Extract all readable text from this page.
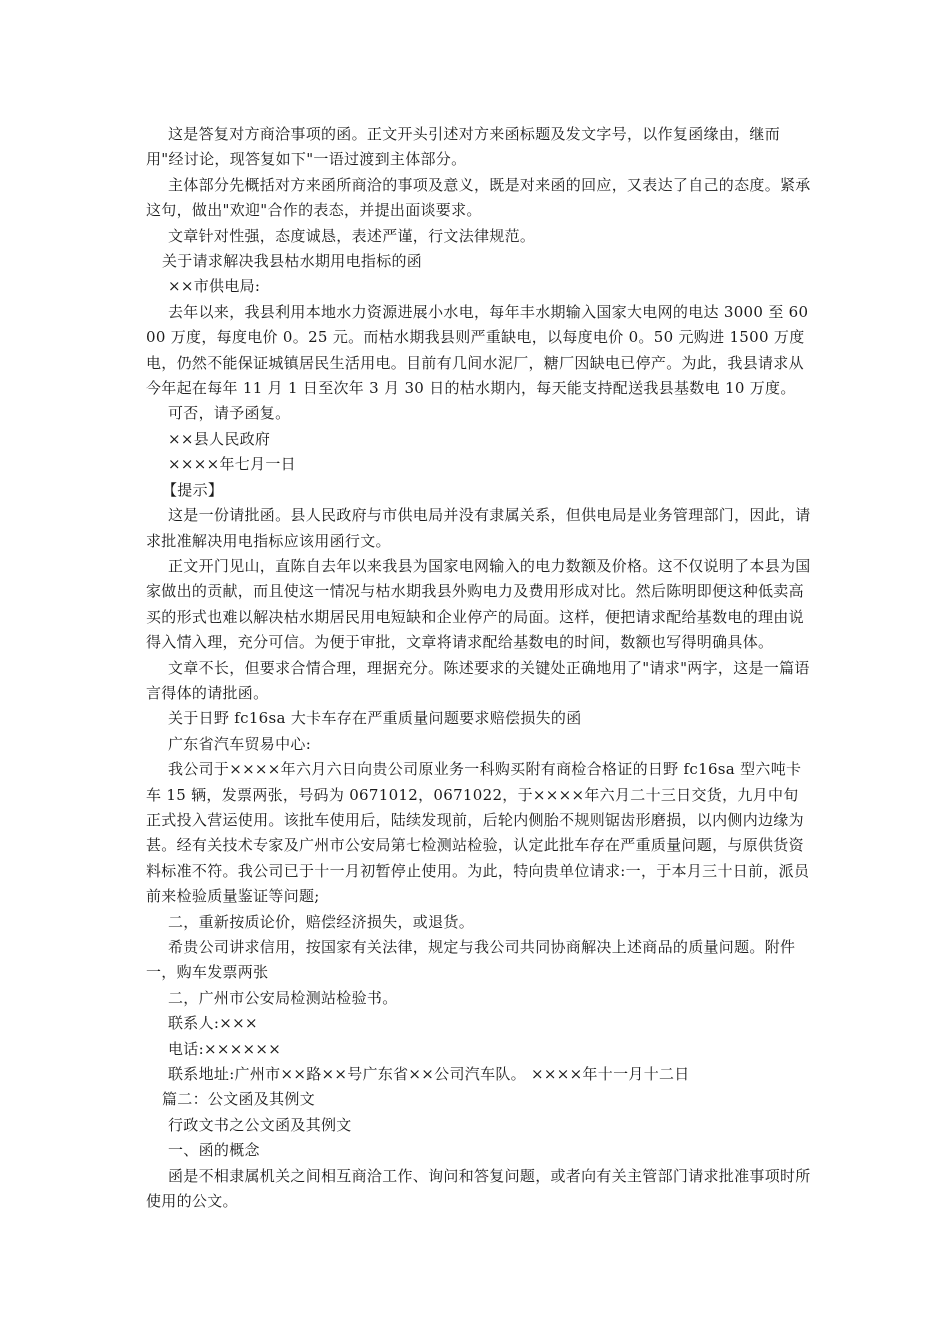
这是答复对方商洽事项的函。正文开头引述对方来函标题及发文字号，以作复函缘由，继而用"经讨论，现答复如下"一语过渡到主体部分。

主体部分先概括对方来函所商洽的事项及意义，既是对来函的回应，又表达了自己的态度。紧承这句，做出"欢迎"合作的表态，并提出面谈要求。

文章针对性强，态度诚恳，表述严谨，行文法律规范。

关于请求解决我县枯水期用电指标的函

××市供电局:

去年以来，我县利用本地水力资源进展小水电，每年丰水期输入国家大电网的电达 3000 至 6000 万度，每度电价 0。25 元。而枯水期我县则严重缺电，以每度电价 0。50 元购进 1500 万度电，仍然不能保证城镇居民生活用电。目前有几间水泥厂，糖厂因缺电已停产。为此，我县请求从今年起在每年 11 月 1 日至次年 3 月 30 日的枯水期内，每天能支持配送我县基数电 10 万度。

可否，请予函复。

××县人民政府

××××年七月一日

【提示】

这是一份请批函。县人民政府与市供电局并没有隶属关系，但供电局是业务管理部门，因此，请求批准解决用电指标应该用函行文。

正文开门见山，直陈自去年以来我县为国家电网输入的电力数额及价格。这不仅说明了本县为国家做出的贡献，而且使这一情况与枯水期我县外购电力及费用形成对比。然后陈明即便这种低卖高买的形式也难以解决枯水期居民用电短缺和企业停产的局面。这样，便把请求配给基数电的理由说得入情入理，充分可信。为便于审批，文章将请求配给基数电的时间，数额也写得明确具体。

文章不长，但要求合情合理，理据充分。陈述要求的关键处正确地用了"请求"两字，这是一篇语言得体的请批函。

关于日野 fc16sa 大卡车存在严重质量问题要求赔偿损失的函

广东省汽车贸易中心:

我公司于××××年六月六日向贵公司原业务一科购买附有商检合格证的日野 fc16sa 型六吨卡车 15 辆，发票两张，号码为 0671012，0671022，于××××年六月二十三日交货，九月中旬正式投入营运使用。该批车使用后，陆续发现前，后轮内侧胎不规则锯齿形磨损，以内侧内边缘为甚。经有关技术专家及广州市公安局第七检测站检验，认定此批车存在严重质量问题，与原供货资料标准不符。我公司已于十一月初暂停止使用。为此，特向贵单位请求:一，于本月三十日前，派员前来检验质量鉴证等问题;

二，重新按质论价，赔偿经济损失，或退货。

希贵公司讲求信用，按国家有关法律，规定与我公司共同协商解决上述商品的质量问题。附件一，购车发票两张

二，广州市公安局检测站检验书。

联系人:×××

电话:××××××

联系地址:广州市××路××号广东省××公司汽车队。 ××××年十一月十二日

篇二：公文函及其例文

行政文书之公文函及其例文

一、函的概念

函是不相隶属机关之间相互商洽工作、询问和答复问题，或者向有关主管部门请求批准事项时所使用的公文。
